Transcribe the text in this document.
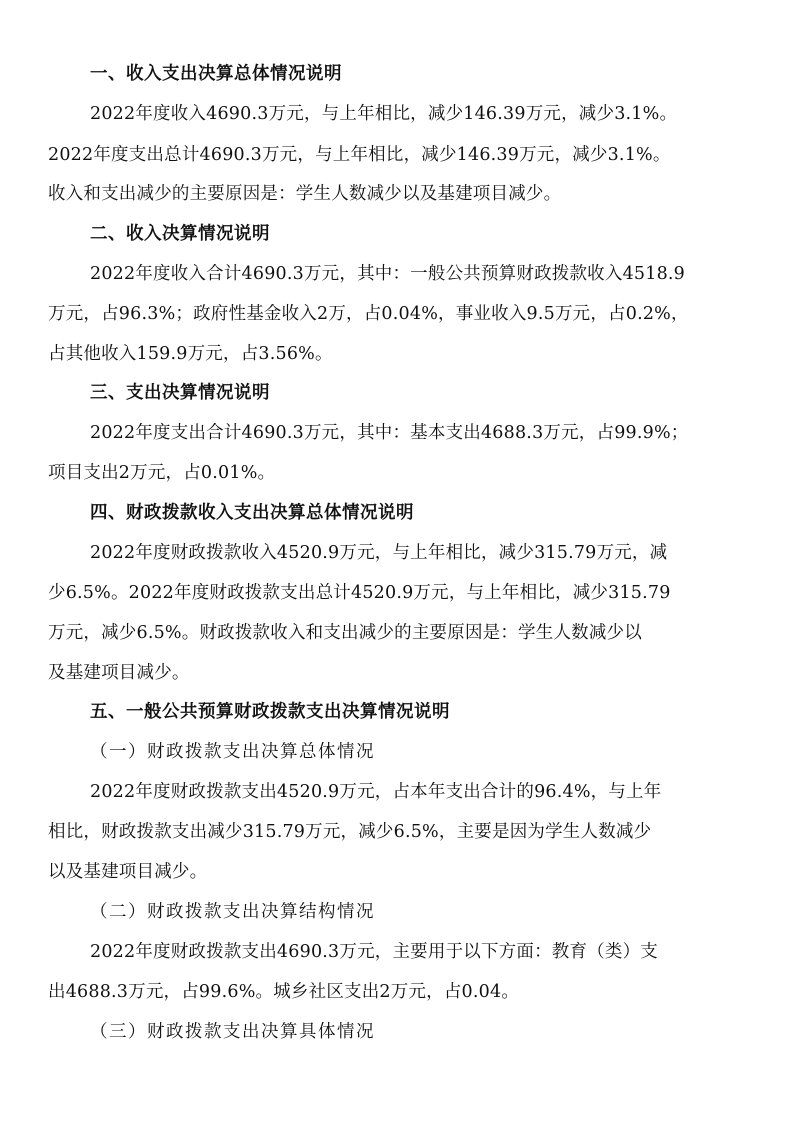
一、收入支出决算总体情况说明
2022年度收入4690.3万元，与上年相比，减少146.39万元，减少3.1%。
2022年度支出总计4690.3万元，与上年相比，减少146.39万元，减少3.1%。
收入和支出减少的主要原因是：学生人数减少以及基建项目减少。
二、收入决算情况说明
2022年度收入合计4690.3万元，其中：一般公共预算财政拨款收入4518.9
万元，占96.3%；政府性基金收入2万，占0.04%，事业收入9.5万元，占0.2%，
占其他收入159.9万元，占3.56%。
三、支出决算情况说明
2022年度支出合计4690.3万元，其中：基本支出4688.3万元，占99.9%；
项目支出2万元，占0.01%。
四、财政拨款收入支出决算总体情况说明
2022年度财政拨款收入4520.9万元，与上年相比，减少315.79万元，减
少6.5%。2022年度财政拨款支出总计4520.9万元，与上年相比，减少315.79
万元，减少6.5%。财政拨款收入和支出减少的主要原因是：学生人数减少以
及基建项目减少。
五、一般公共预算财政拨款支出决算情况说明
（一）财政拨款支出决算总体情况
2022年度财政拨款支出4520.9万元，占本年支出合计的96.4%，与上年
相比，财政拨款支出减少315.79万元，减少6.5%，主要是因为学生人数减少
以及基建项目减少。
（二）财政拨款支出决算结构情况
2022年度财政拨款支出4690.3万元，主要用于以下方面：教育（类）支
出4688.3万元，占99.6%。城乡社区支出2万元，占0.04。
（三）财政拨款支出决算具体情况
